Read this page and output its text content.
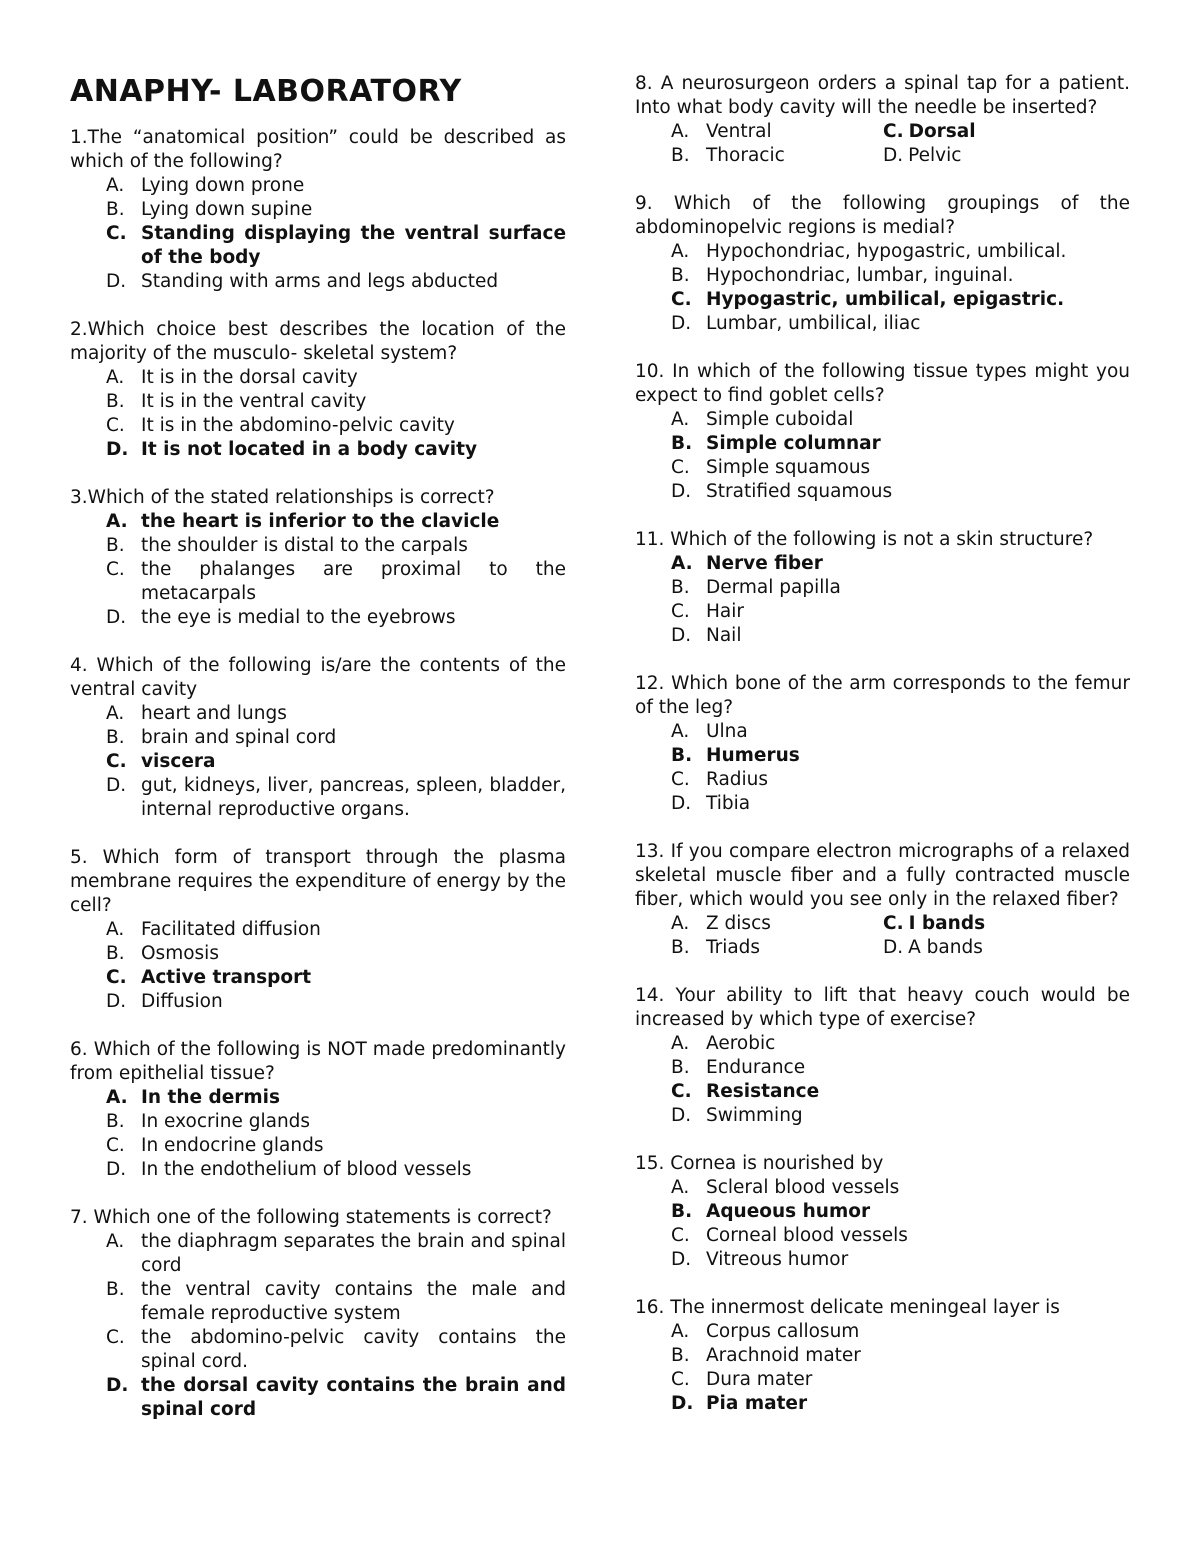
ANAPHY- LABORATORY

1.The “anatomical position” could be described as which of the following?

A. Lying down prone
B. Lying down supine
C. Standing displaying the ventral surface of the body
D. Standing with arms and legs abducted

2.Which choice best describes the location of the majority of the musculo- skeletal system?

A. It is in the dorsal cavity
B. It is in the ventral cavity
C. It is in the abdomino-pelvic cavity
D. It is not located in a body cavity

3.Which of the stated relationships is correct?

A. the heart is inferior to the clavicle
B. the shoulder is distal to the carpals
C. the phalanges are proximal to the metacarpals
D. the eye is medial to the eyebrows

4. Which of the following is/are the contents of the ventral cavity

A. heart and lungs
B. brain and spinal cord
C. viscera
D. gut, kidneys, liver, pancreas, spleen, bladder, internal reproductive organs.

5. Which form of transport through the plasma membrane requires the expenditure of energy by the cell?

A. Facilitated diffusion
B. Osmosis
C. Active transport
D. Diffusion

6. Which of the following is NOT made predominantly from epithelial tissue?

A. In the dermis
B. In exocrine glands
C. In endocrine glands
D. In the endothelium of blood vessels

7. Which one of the following statements is correct?

A. the diaphragm separates the brain and spinal cord
B. the ventral cavity contains the male and female reproductive system
C. the abdomino-pelvic cavity contains the spinal cord.
D. the dorsal cavity contains the brain and spinal cord

8. A neurosurgeon orders a spinal tap for a patient. Into what body cavity will the needle be inserted?

A. Ventral	C. Dorsal
B. Thoracic	D. Pelvic

9. Which of the following groupings of the abdominopelvic regions is medial?

A. Hypochondriac, hypogastric, umbilical.
B. Hypochondriac, lumbar, inguinal.
C. Hypogastric, umbilical, epigastric.
D. Lumbar, umbilical, iliac

10. In which of the following tissue types might you expect to find goblet cells?

A. Simple cuboidal
B. Simple columnar
C. Simple squamous
D. Stratified squamous

11. Which of the following is not a skin structure?

A. Nerve fiber
B. Dermal papilla
C. Hair
D. Nail

12. Which bone of the arm corresponds to the femur of the leg?

A. Ulna
B. Humerus
C. Radius
D. Tibia

13. If you compare electron micrographs of a relaxed skeletal muscle fiber and a fully contracted muscle fiber, which would you see only in the relaxed fiber?

A. Z discs	C. I bands
B. Triads	D. A bands

14. Your ability to lift that heavy couch would be increased by which type of exercise?

A. Aerobic
B. Endurance
C. Resistance
D. Swimming

15. Cornea is nourished by

A. Scleral blood vessels
B. Aqueous humor
C. Corneal blood vessels
D. Vitreous humor

16. The innermost delicate meningeal layer is

A. Corpus callosum
B. Arachnoid mater
C. Dura mater
D. Pia mater
